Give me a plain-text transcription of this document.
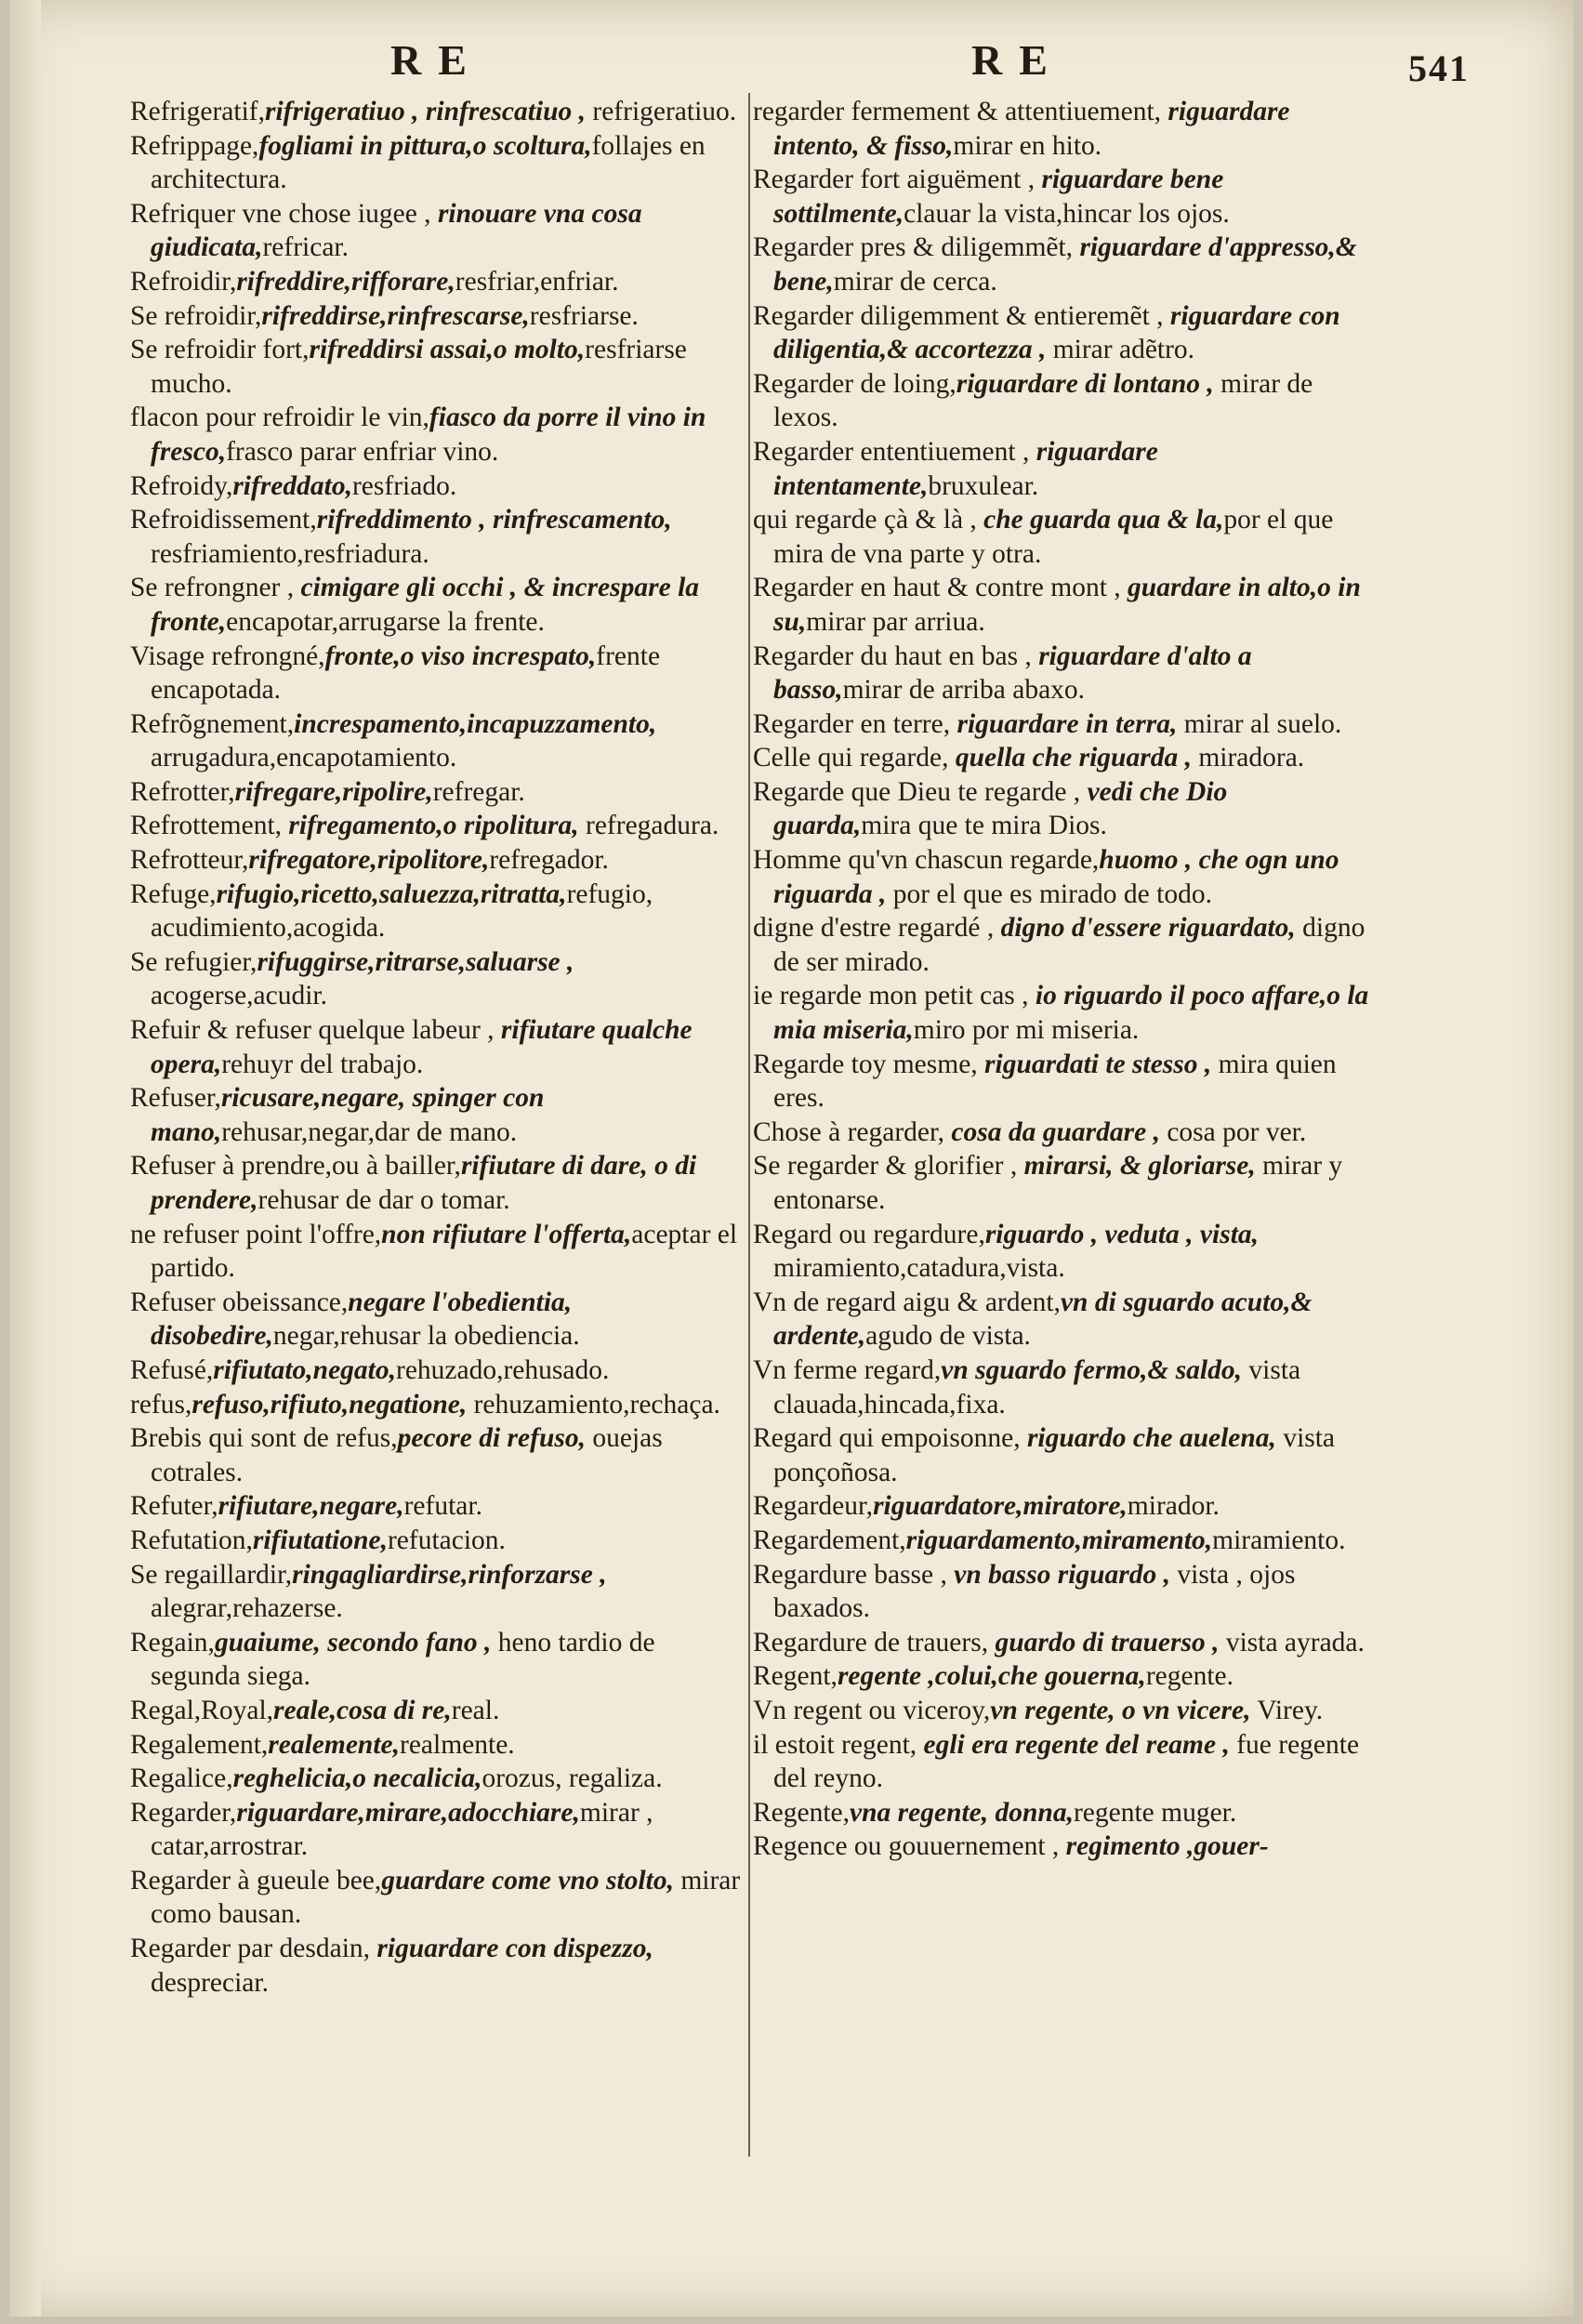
RE	RE	541

Refrigeratif,rifrigeratiuo , rinfrescatiuo , refrigeratiuo.

Refrippage,fogliami in pittura,o scoltura,follajes en architectura.

Refriquer vne chose iugee , rinouare vna cosa giudicata,refricar.

Refroidir,rifreddire,rifforare,resfriar,enfriar.

Se refroidir,rifreddirse,rinfrescarse,resfriarse.

Se refroidir fort,rifreddirsi assai,o molto,resfriarse mucho.

flacon pour refroidir le vin,fiasco da porre il vino in fresco,frasco parar enfriar vino.

Refroidy,rifreddato,resfriado.

Refroidissement,rifreddimento , rinfrescamento, resfriamiento,resfriadura.

Se refrongner , cimigare gli occhi , & increspare la fronte,encapotar,arrugarse la frente.

Visage refrongné,fronte,o viso increspato,frente encapotada.

Refrõgnement,increspamento,incapuzzamento, arrugadura,encapotamiento.

Refrotter,rifregare,ripolire,refregar.

Refrottement, rifregamento,o ripolitura, refregadura.

Refrotteur,rifregatore,ripolitore,refregador.

Refuge,rifugio,ricetto,saluezza,ritratta,refugio, acudimiento,acogida.

Se refugier,rifuggirse,ritrarse,saluarse , acogerse,acudir.

Refuir & refuser quelque labeur , rifiutare qualche opera,rehuyr del trabajo.

Refuser,ricusare,negare, spinger con mano,rehusar,negar,dar de mano.

Refuser à prendre,ou à bailler,rifiutare di dare, o di prendere,rehusar de dar o tomar.

ne refuser point l'offre,non rifiutare l'offerta,aceptar el partido.

Refuser obeissance,negare l'obedientia, disobedire,negar,rehusar la obediencia.

Refusé,rifiutato,negato,rehuzado,rehusado.

refus,refuso,rifiuto,negatione, rehuzamiento,rechaça.

Brebis qui sont de refus,pecore di refuso, ouejas cotrales.

Refuter,rifiutare,negare,refutar.

Refutation,rifiutatione,refutacion.

Se regaillardir,ringagliardirse,rinforzarse , alegrar,rehazerse.

Regain,guaiume, secondo fano , heno tardio de segunda siega.

Regal,Royal,reale,cosa di re,real.

Regalement,realemente,realmente.

Regalice,reghelicia,o necalicia,orozus, regaliza.

Regarder,riguardare,mirare,adocchiare,mirar , catar,arrostrar.

Regarder à gueule bee,guardare come vno stolto, mirar como bausan.

Regarder par desdain, riguardare con dispezzo, despreciar.

regarder fermement & attentiuement, riguardare intento, & fisso,mirar en hito.

Regarder fort aiguëment , riguardare bene sottilmente,clauar la vista,hincar los ojos.

Regarder pres & diligemmẽt, riguardare d'appresso,& bene,mirar de cerca.

Regarder diligemment & entieremẽt , riguardare con diligentia,& accortezza , mirar adẽtro.

Regarder de loing,riguardare di lontano , mirar de lexos.

Regarder ententiuement , riguardare intentamente,bruxulear.

qui regarde çà & là , che guarda qua & la,por el que mira de vna parte y otra.

Regarder en haut & contre mont , guardare in alto,o in su,mirar par arriua.

Regarder du haut en bas , riguardare d'alto a basso,mirar de arriba abaxo.

Regarder en terre, riguardare in terra, mirar al suelo.

Celle qui regarde, quella che riguarda , miradora.

Regarde que Dieu te regarde , vedi che Dio guarda,mira que te mira Dios.

Homme qu'vn chascun regarde,huomo , che ogn uno riguarda , por el que es mirado de todo.

digne d'estre regardé , digno d'essere riguardato, digno de ser mirado.

ie regarde mon petit cas , io riguardo il poco affare,o la mia miseria,miro por mi miseria.

Regarde toy mesme, riguardati te stesso , mira quien eres.

Chose à regarder, cosa da guardare , cosa por ver.

Se regarder & glorifier , mirarsi, & gloriarse, mirar y entonarse.

Regard ou regardure,riguardo , veduta , vista, miramiento,catadura,vista.

Vn de regard aigu & ardent,vn di sguardo acuto,& ardente,agudo de vista.

Vn ferme regard,vn sguardo fermo,& saldo, vista clauada,hincada,fixa.

Regard qui empoisonne, riguardo che auelena, vista ponçoñosa.

Regardeur,riguardatore,miratore,mirador.

Regardement,riguardamento,miramento,miramiento.

Regardure basse , vn basso riguardo , vista , ojos baxados.

Regardure de trauers, guardo di trauerso , vista ayrada.

Regent,regente ,colui,che gouerna,regente.

Vn regent ou viceroy,vn regente, o vn vicere, Virey.

il estoit regent, egli era regente del reame , fue regente del reyno.

Regente,vna regente, donna,regente muger.

Regence ou gouuernement , regimento ,gouer-
